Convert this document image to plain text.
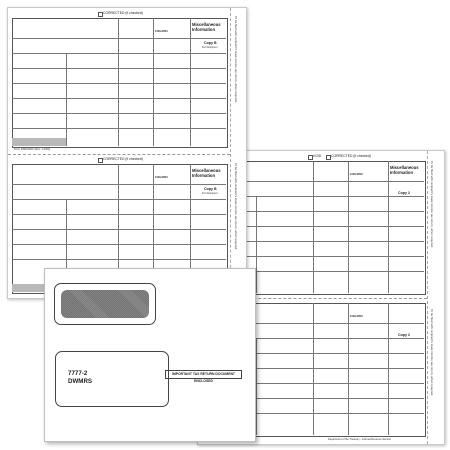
To be filed with recipient's state income tax return, when required.
To be filed with recipient's state income tax return, when required.
VOID	CORRECTED (if checked)
Miscellaneous
Information
1099-MISC
Copy 2
1099-MISC
Copy 2
Department of the Treasury - Internal Revenue Service
To be filed with recipient's state income tax return, when required.
To be filed with recipient's state income tax return, when required.
CORRECTED (if checked)
Miscellaneous
Information
1099-MISC
Copy B
For Recipient
Form 1099-MISC (Rev. 1-2022)
CORRECTED (if checked)
Miscellaneous
Information
1099-MISC
Copy B
For Recipient
7777-2
DWMRS
IMPORTANT TAX RETURN DOCUMENT ENCLOSED
